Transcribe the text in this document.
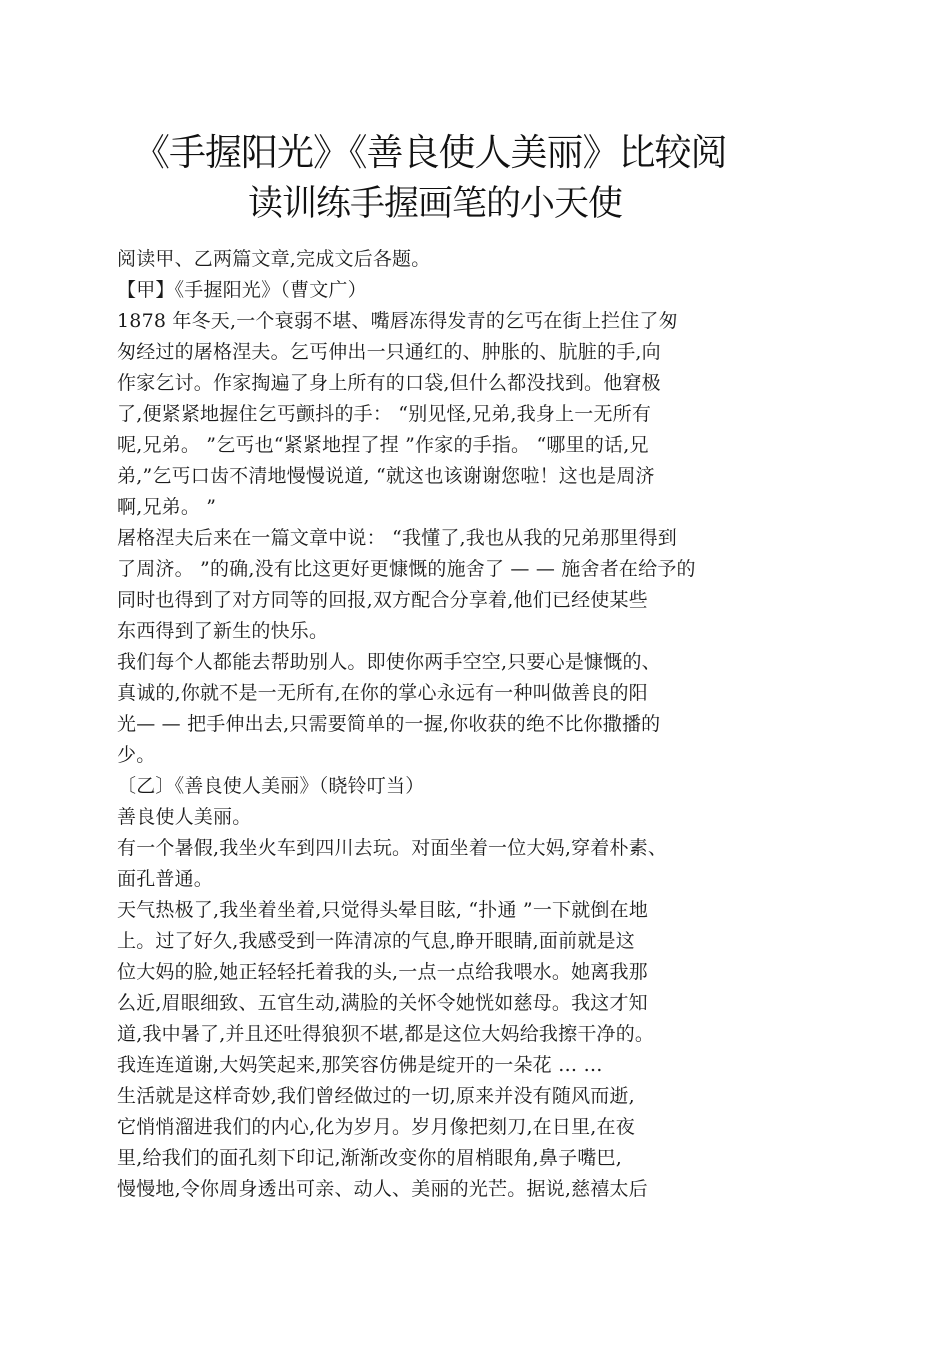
《手握阳光》《善良使人美丽》比较阅
读训练手握画笔的小天使
阅读甲、乙两篇文章,完成文后各题。
【甲】《手握阳光》（曹文广）
1878 年冬天,一个衰弱不堪、嘴唇冻得发青的乞丐在街上拦住了匆
匆经过的屠格涅夫。乞丐伸出一只通红的、肿胀的、肮脏的手,向
作家乞讨。作家掏遍了身上所有的口袋,但什么都没找到。他窘极
了,便紧紧地握住乞丐颤抖的手： “别见怪,兄弟,我身上一无所有
呢,兄弟。 ”乞丐也“紧紧地捏了捏 ”作家的手指。 “哪里的话,兄
弟,”乞丐口齿不清地慢慢说道, “就这也该谢谢您啦！这也是周济
啊,兄弟。 ”
屠格涅夫后来在一篇文章中说： “我懂了,我也从我的兄弟那里得到
了周济。 ”的确,没有比这更好更慷慨的施舍了 — — 施舍者在给予的
同时也得到了对方同等的回报,双方配合分享着,他们已经使某些
东西得到了新生的快乐。
我们每个人都能去帮助别人。即使你两手空空,只要心是慷慨的、
真诚的,你就不是一无所有,在你的掌心永远有一种叫做善良的阳
光— — 把手伸出去,只需要简单的一握,你收获的绝不比你撒播的
少。
〔乙〕《善良使人美丽》（晓铃叮当）
善良使人美丽。
有一个暑假,我坐火车到四川去玩。对面坐着一位大妈,穿着朴素、
面孔普通。
天气热极了,我坐着坐着,只觉得头晕目眩, “扑通 ”一下就倒在地
上。过了好久,我感受到一阵清凉的气息,睁开眼睛,面前就是这
位大妈的脸,她正轻轻托着我的头,一点一点给我喂水。她离我那
么近,眉眼细致、五官生动,满脸的关怀令她恍如慈母。我这才知
道,我中暑了,并且还吐得狼狈不堪,都是这位大妈给我擦干净的。
我连连道谢,大妈笑起来,那笑容仿佛是绽开的一朵花 … …
生活就是这样奇妙,我们曾经做过的一切,原来并没有随风而逝,
它悄悄溜进我们的内心,化为岁月。岁月像把刻刀,在日里,在夜
里,给我们的面孔刻下印记,渐渐改变你的眉梢眼角,鼻子嘴巴,
慢慢地,令你周身透出可亲、动人、美丽的光芒。据说,慈禧太后
